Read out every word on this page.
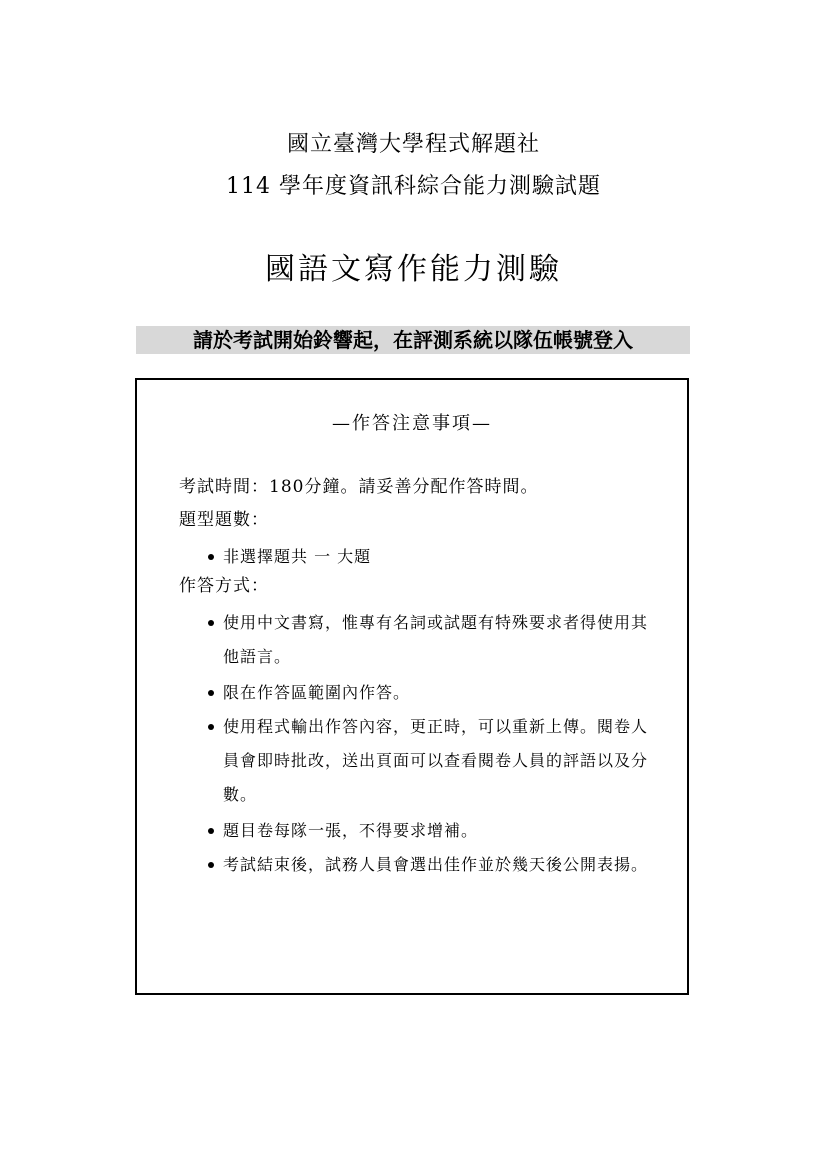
國立臺灣大學程式解題社
114 學年度資訊科綜合能力測驗試題
國語文寫作能力測驗
請於考試開始鈴響起，在評測系統以隊伍帳號登入
—作答注意事項—
考試時間：180分鐘。請妥善分配作答時間。
題型題數：
非選擇題共 一 大題
作答方式：
使用中文書寫，惟專有名詞或試題有特殊要求者得使用其他語言。
限在作答區範圍內作答。
使用程式輸出作答內容，更正時，可以重新上傳。閱卷人員會即時批改，送出頁面可以查看閱卷人員的評語以及分數。
題目卷每隊一張，不得要求增補。
考試結束後，試務人員會選出佳作並於幾天後公開表揚。
